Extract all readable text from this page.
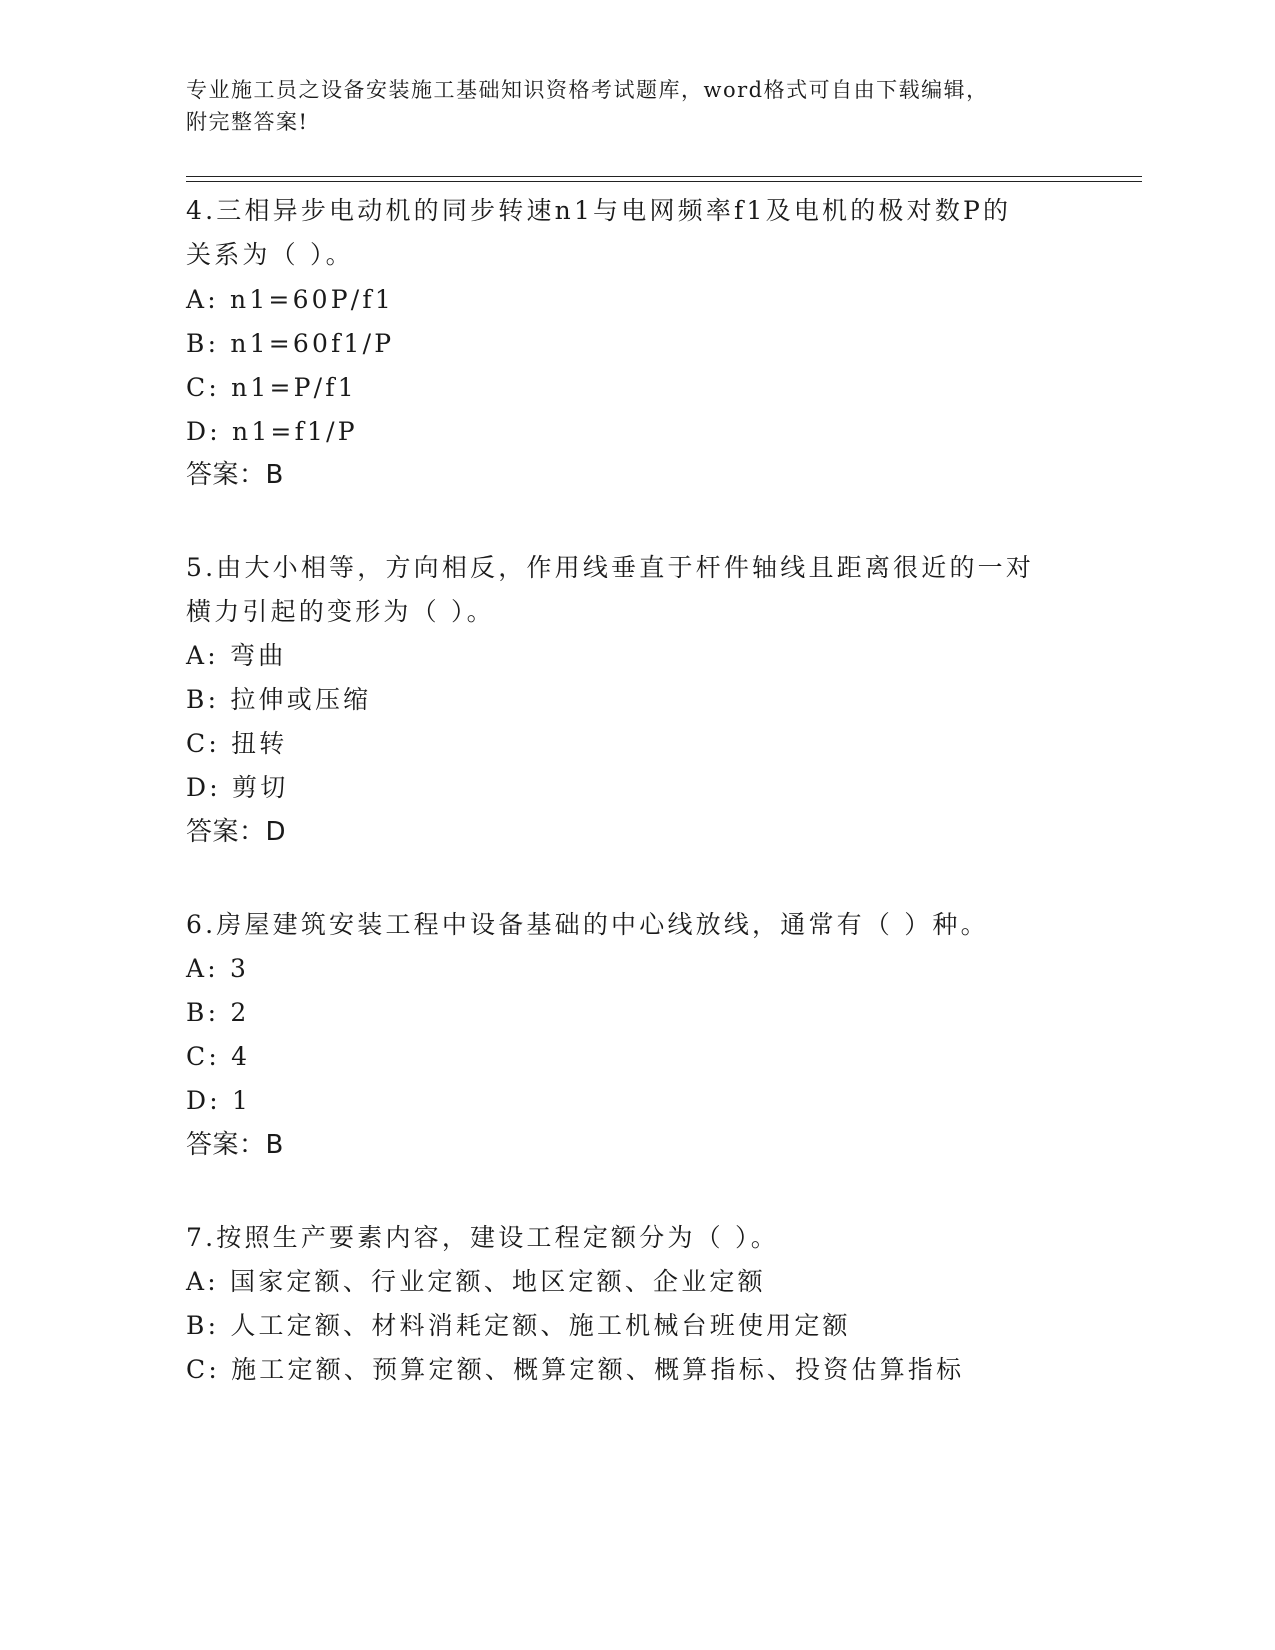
专业施工员之设备安装施工基础知识资格考试题库，word格式可自由下载编辑，
附完整答案!
4.三相异步电动机的同步转速n1与电网频率f1及电机的极对数P的
关系为（ ）。
A: n1=60P/f1
B: n1=60f1/P
C: n1=P/f1
D: n1=f1/P
答案：B
5.由大小相等，方向相反，作用线垂直于杆件轴线且距离很近的一对
横力引起的变形为（ ）。
A: 弯曲
B: 拉伸或压缩
C: 扭转
D: 剪切
答案：D
6.房屋建筑安装工程中设备基础的中心线放线，通常有（ ）种。
A: 3
B: 2
C: 4
D: 1
答案：B
7.按照生产要素内容，建设工程定额分为（ ）。
A: 国家定额、行业定额、地区定额、企业定额
B: 人工定额、材料消耗定额、施工机械台班使用定额
C: 施工定额、预算定额、概算定额、概算指标、投资估算指标
